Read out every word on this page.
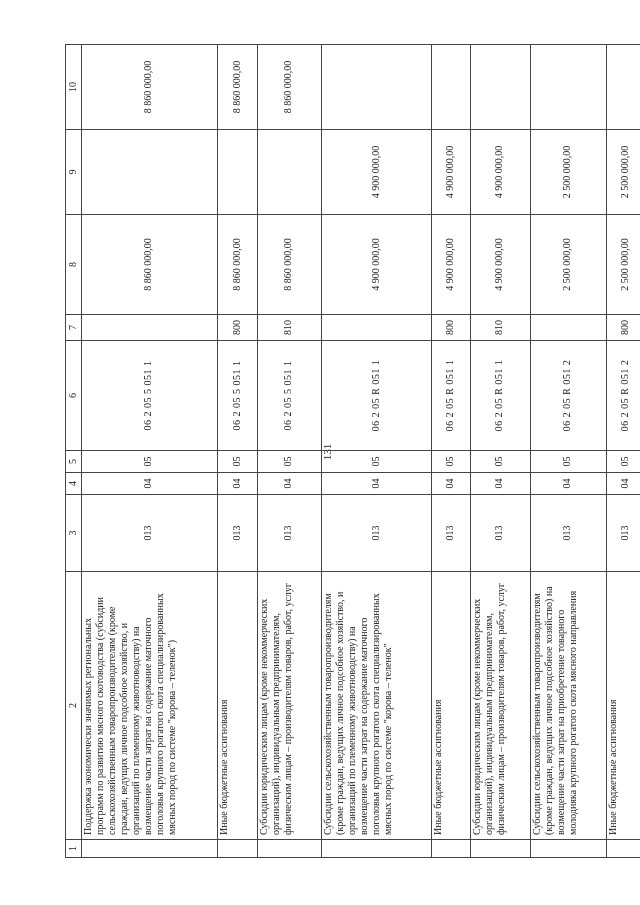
131
1	2	3	4	5	6	7	8	9	10
	Поддержка экономически значимых региональных программ по развитию мясного скотоводства (субсидии сельскохозяйственным товаропроизводителям (кроме граждан, ведущих личное подсобное хозяйство, и организаций по племенному животноводству) на возмещение части затрат на содержание маточного поголовья крупного рогатого скота специализированных мясных пород по системе "корова – теленок")	013	04	05	06 2 05 5 051 1		8 860 000,00		8 860 000,00
	Иные бюджетные ассигнования	013	04	05	06 2 05 5 051 1	800	8 860 000,00		8 860 000,00
	Субсидии юридическим лицам (кроме некоммерческих организаций), индивидуальным предпринимателям, физическим лицам – производителям товаров, работ, услуг	013	04	05	06 2 05 5 051 1	810	8 860 000,00		8 860 000,00
	Субсидии сельскохозяйственным товаропроизводителям (кроме граждан, ведущих личное подсобное хозяйство, и организаций по племенному животноводству) на возмещение части затрат на содержание маточного поголовья крупного рогатого скота специализированных мясных пород по системе "корова – теленок"	013	04	05	06 2 05 R 051 1		4 900 000,00	4 900 000,00	
	Иные бюджетные ассигнования	013	04	05	06 2 05 R 051 1	800	4 900 000,00	4 900 000,00	
	Субсидии юридическим лицам (кроме некоммерческих организаций), индивидуальным предпринимателям, физическим лицам – производителям товаров, работ, услуг	013	04	05	06 2 05 R 051 1	810	4 900 000,00	4 900 000,00	
	Субсидии сельскохозяйственным товаропроизводителям (кроме граждан, ведущих личное подсобное хозяйство) на возмещение части затрат на приобретение товарного молодняка крупного рогатого скота мясного направления	013	04	05	06 2 05 R 051 2		2 500 000,00	2 500 000,00	
	Иные бюджетные ассигнования	013	04	05	06 2 05 R 051 2	800	2 500 000,00	2 500 000,00	
